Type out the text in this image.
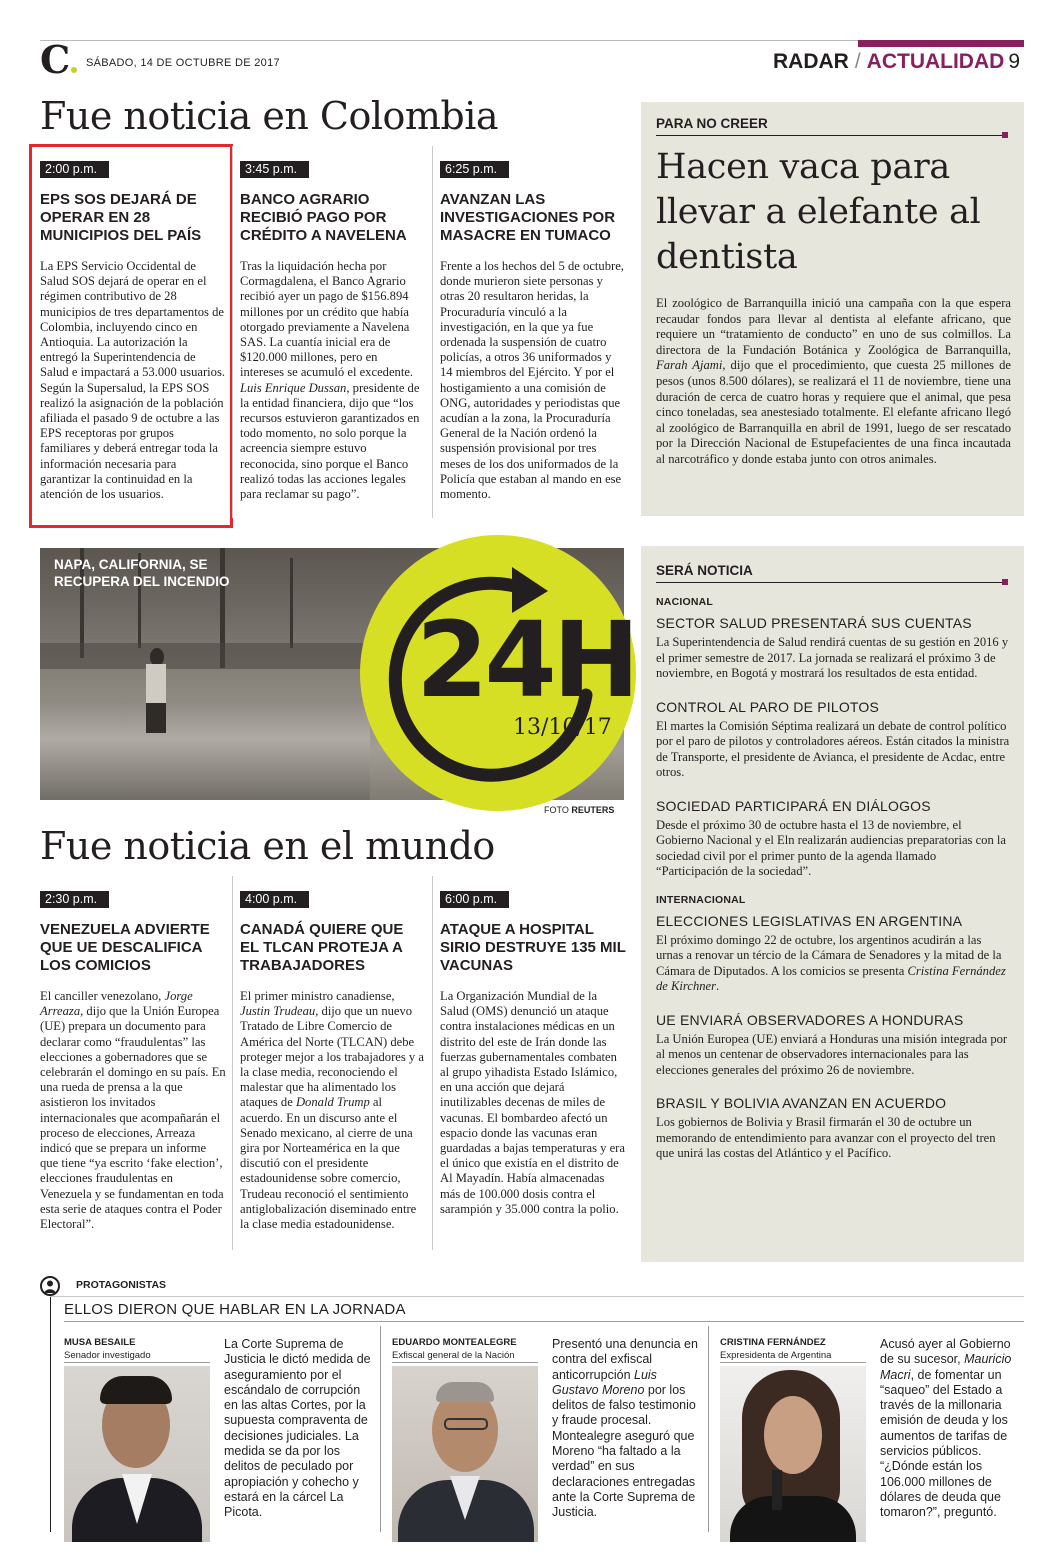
C	SÁBADO, 14 DE OCTUBRE DE 2017	RADAR / ACTUALIDAD 9
Fue noticia en Colombia
2:00 p.m.
EPS SOS DEJARÁ DE OPERAR EN 28 MUNICIPIOS DEL PAÍS
La EPS Servicio Occidental de Salud SOS dejará de operar en el régimen contributivo de 28 municipios de tres departamentos de Colombia, incluyendo cinco en Antioquia. La autorización la entregó la Superintendencia de Salud e impactará a 53.000 usuarios. Según la Supersalud, la EPS SOS realizó la asignación de la población afiliada el pasado 9 de octubre a las EPS receptoras por grupos familiares y deberá entregar toda la información necesaria para garantizar la continuidad en la atención de los usuarios.
3:45 p.m.
BANCO AGRARIO RECIBIÓ PAGO POR CRÉDITO A NAVELENA
Tras la liquidación hecha por Cormagdalena, el Banco Agrario recibió ayer un pago de $156.894 millones por un crédito que había otorgado previamente a Navelena SAS. La cuantía inicial era de $120.000 millones, pero en intereses se acumuló el excedente. Luis Enrique Dussan, presidente de la entidad financiera, dijo que “los recursos estuvieron garantizados en todo momento, no solo porque la acreencia siempre estuvo reconocida, sino porque el Banco realizó todas las acciones legales para reclamar su pago”.
6:25 p.m.
AVANZAN LAS INVESTIGACIONES POR MASACRE EN TUMACO
Frente a los hechos del 5 de octubre, donde murieron siete personas y otras 20 resultaron heridas, la Procuraduría vinculó a la investigación, en la que ya fue ordenada la suspensión de cuatro policías, a otros 36 uniformados y 14 miembros del Ejército. Y por el hostigamiento a una comisión de ONG, autoridades y periodistas que acudían a la zona, la Procuraduría General de la Nación ordenó la suspensión provisional por tres meses de los dos uniformados de la Policía que estaban al mando en ese momento.
PARA NO CREER
Hacen vaca para llevar a elefante al dentista
El zoológico de Barranquilla inició una campaña con la que espera recaudar fondos para llevar al dentista al elefante africano, que requiere un “tratamiento de conducto” en uno de sus colmillos. La directora de la Fundación Botánica y Zoológica de Barranquilla, Farah Ajami, dijo que el procedimiento, que cuesta 25 millones de pesos (unos 8.500 dólares), se realizará el 11 de noviembre, tiene una duración de cerca de cuatro horas y requiere que el animal, que pesa cinco toneladas, sea anestesiado totalmente. El elefante africano llegó al zoológico de Barranquilla en abril de 1991, luego de ser rescatado por la Dirección Nacional de Estupefacientes de una finca incautada al narcotráfico y donde estaba junto con otros animales.
NAPA, CALIFORNIA, SE RECUPERA DEL INCENDIO
24H
13/10/17
FOTO REUTERS
Fue noticia en el mundo
2:30 p.m.
VENEZUELA ADVIERTE QUE UE DESCALIFICA LOS COMICIOS
El canciller venezolano, Jorge Arreaza, dijo que la Unión Europea (UE) prepara un documento para declarar como “fraudulentas” las elecciones a gobernadores que se celebrarán el domingo en su país. En una rueda de prensa a la que asistieron los invitados internacionales que acompañarán el proceso de elecciones, Arreaza indicó que se prepara un informe que tiene “ya escrito ‘fake election’, elecciones fraudulentas en Venezuela y se fundamentan en toda esta serie de ataques contra el Poder Electoral”.
4:00 p.m.
CANADÁ QUIERE QUE EL TLCAN PROTEJA A TRABAJADORES
El primer ministro canadiense, Justin Trudeau, dijo que un nuevo Tratado de Libre Comercio de América del Norte (TLCAN) debe proteger mejor a los trabajadores y a la clase media, reconociendo el malestar que ha alimentado los ataques de Donald Trump al acuerdo. En un discurso ante el Senado mexicano, al cierre de una gira por Norteamérica en la que discutió con el presidente estadounidense sobre comercio, Trudeau reconoció el sentimiento antiglobalización diseminado entre la clase media estadounidense.
6:00 p.m.
ATAQUE A HOSPITAL SIRIO DESTRUYE 135 MIL VACUNAS
La Organización Mundial de la Salud (OMS) denunció un ataque contra instalaciones médicas en un distrito del este de Irán donde las fuerzas gubernamentales combaten al grupo yihadista Estado Islámico, en una acción que dejará inutilizables decenas de miles de vacunas. El bombardeo afectó un espacio donde las vacunas eran guardadas a bajas temperaturas y era el único que existía en el distrito de Al Mayadín. Había almacenadas más de 100.000 dosis contra el sarampión y 35.000 contra la polio.
SERÁ NOTICIA
NACIONAL
SECTOR SALUD PRESENTARÁ SUS CUENTAS
La Superintendencia de Salud rendirá cuentas de su gestión en 2016 y el primer semestre de 2017. La jornada se realizará el próximo 3 de noviembre, en Bogotá y mostrará los resultados de esta entidad.
CONTROL AL PARO DE PILOTOS
El martes la Comisión Séptima realizará un debate de control político por el paro de pilotos y controladores aéreos. Están citados la ministra de Transporte, el presidente de Avianca, el presidente de Acdac, entre otros.
SOCIEDAD PARTICIPARÁ EN DIÁLOGOS
Desde el próximo 30 de octubre hasta el 13 de noviembre, el Gobierno Nacional y el Eln realizarán audiencias preparatorias con la sociedad civil por el primer punto de la agenda llamado “Participación de la sociedad”.
INTERNACIONAL
ELECCIONES LEGISLATIVAS EN ARGENTINA
El próximo domingo 22 de octubre, los argentinos acudirán a las urnas a renovar un tércio de la Cámara de Senadores y la mitad de la Cámara de Diputados. A los comicios se presenta Cristina Fernández de Kirchner.
UE ENVIARÁ OBSERVADORES A HONDURAS
La Unión Europea (UE) enviará a Honduras una misión integrada por al menos un centenar de observadores internacionales para las elecciones generales del próximo 26 de noviembre.
BRASIL Y BOLIVIA AVANZAN EN ACUERDO
Los gobiernos de Bolivia y Brasil firmarán el 30 de octubre un memorando de entendimiento para avanzar con el proyecto del tren que unirá las costas del Atlántico y el Pacífico.
PROTAGONISTAS
ELLOS DIERON QUE HABLAR EN LA JORNADA
MUSA BESAILE
Senador investigado
La Corte Suprema de Justicia le dictó medida de aseguramiento por el escándalo de corrupción en las altas Cortes, por la supuesta compraventa de decisiones judiciales. La medida se da por los delitos de peculado por apropiación y cohecho y estará en la cárcel La Picota.
EDUARDO MONTEALEGRE
Exfiscal general de la Nación
Presentó una denuncia en contra del exfiscal anticorrupción Luis Gustavo Moreno por los delitos de falso testimonio y fraude procesal. Montealegre aseguró que Moreno “ha faltado a la verdad” en sus declaraciones entregadas ante la Corte Suprema de Justicia.
CRISTINA FERNÁNDEZ
Expresidenta de Argentina
Acusó ayer al Gobierno de su sucesor, Mauricio Macri, de fomentar un “saqueo” del Estado a través de la millonaria emisión de deuda y los aumentos de tarifas de servicios públicos. “¿Dónde están los 106.000 millones de dólares de deuda que tomaron?”, preguntó.
